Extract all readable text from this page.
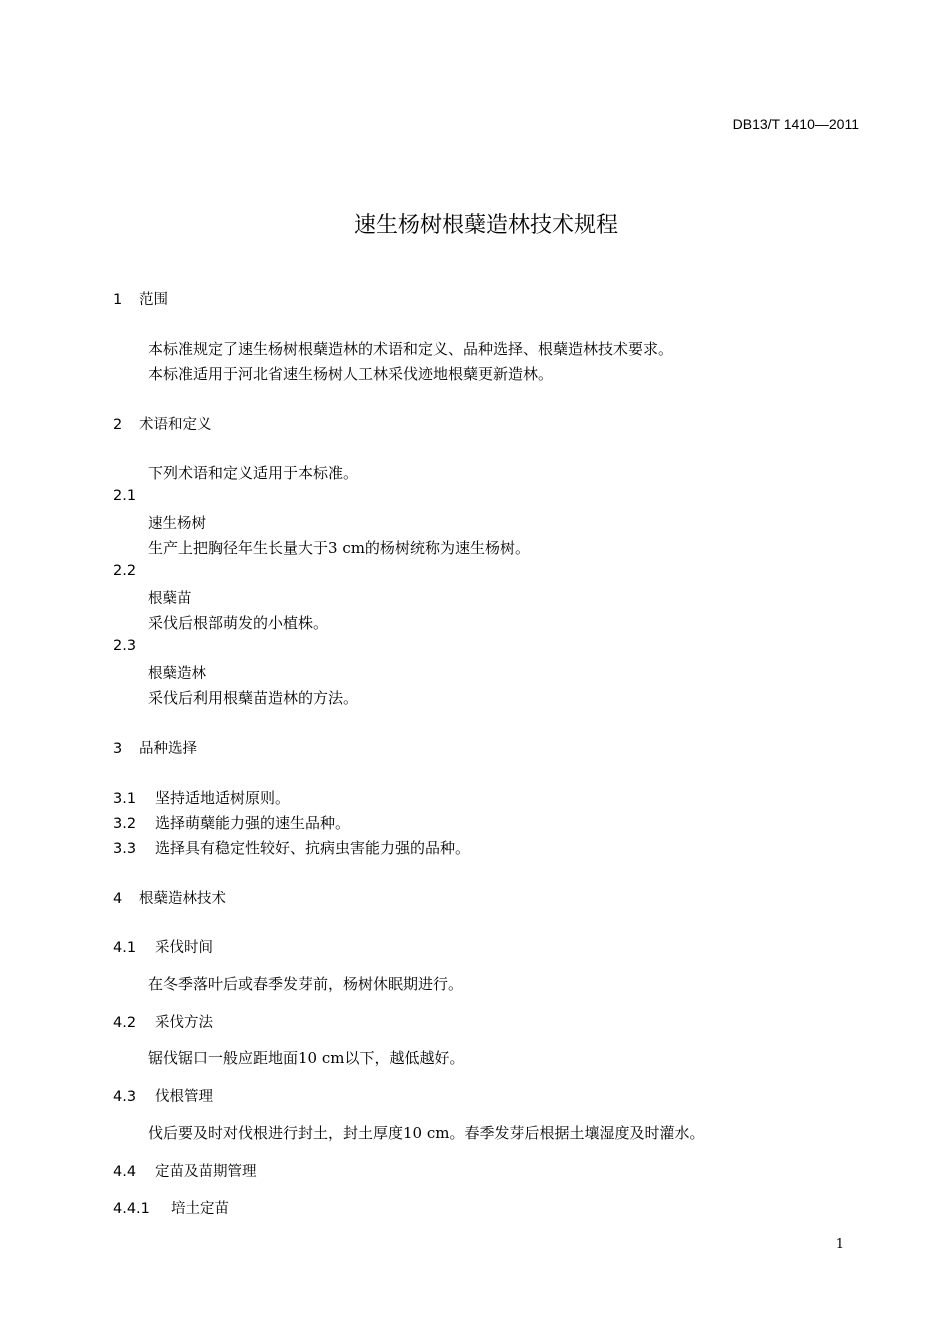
DB13/T 1410—2011
速生杨树根蘖造林技术规程
1 范围
本标准规定了速生杨树根蘖造林的术语和定义、品种选择、根蘖造林技术要求。
本标准适用于河北省速生杨树人工林采伐迹地根蘖更新造林。
2 术语和定义
下列术语和定义适用于本标准。
2.1
速生杨树
生产上把胸径年生长量大于3 cm的杨树统称为速生杨树。
2.2
根蘖苗
采伐后根部萌发的小植株。
2.3
根蘖造林
采伐后利用根蘖苗造林的方法。
3 品种选择
3.1 坚持适地适树原则。
3.2 选择萌蘖能力强的速生品种。
3.3 选择具有稳定性较好、抗病虫害能力强的品种。
4 根蘖造林技术
4.1 采伐时间
在冬季落叶后或春季发芽前，杨树休眠期进行。
4.2 采伐方法
锯伐锯口一般应距地面10 cm以下，越低越好。
4.3 伐根管理
伐后要及时对伐根进行封土，封土厚度10 cm。春季发芽后根据土壤湿度及时灌水。
4.4 定苗及苗期管理
4.4.1 培土定苗
1
